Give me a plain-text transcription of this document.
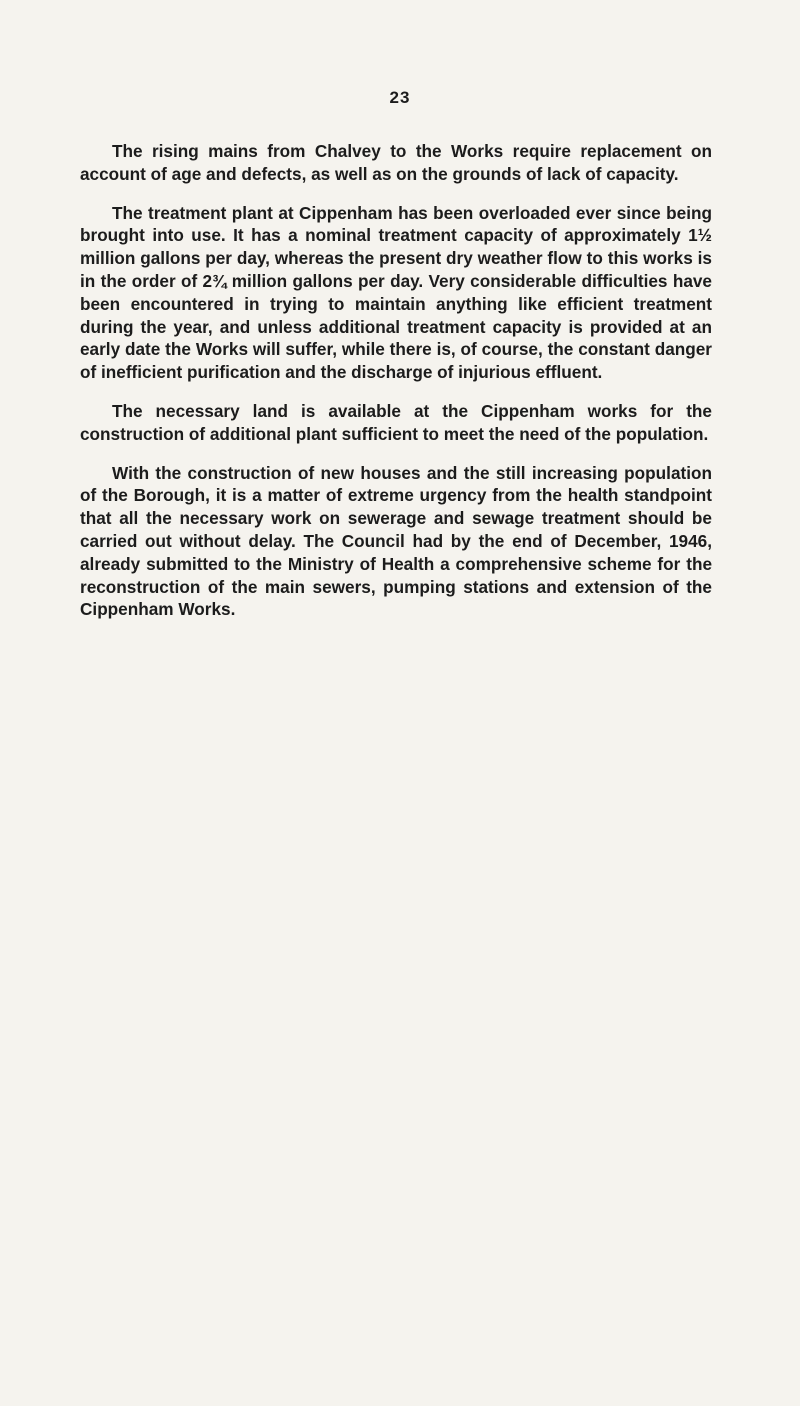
23

The rising mains from Chalvey to the Works require replacement on account of age and defects, as well as on the grounds of lack of capacity.

The treatment plant at Cippenham has been overloaded ever since being brought into use. It has a nominal treatment capacity of approximately 1½ million gallons per day, whereas the present dry weather flow to this works is in the order of 2¾ million gallons per day. Very considerable difficulties have been encountered in trying to maintain anything like efficient treatment during the year, and unless additional treatment capacity is provided at an early date the Works will suffer, while there is, of course, the constant danger of inefficient purification and the discharge of injurious effluent.

The necessary land is available at the Cippenham works for the construction of additional plant sufficient to meet the need of the population.

With the construction of new houses and the still increasing population of the Borough, it is a matter of extreme urgency from the health standpoint that all the necessary work on sewerage and sewage treatment should be carried out without delay. The Council had by the end of December, 1946, already submitted to the Ministry of Health a comprehensive scheme for the reconstruction of the main sewers, pumping stations and extension of the Cippenham Works.
